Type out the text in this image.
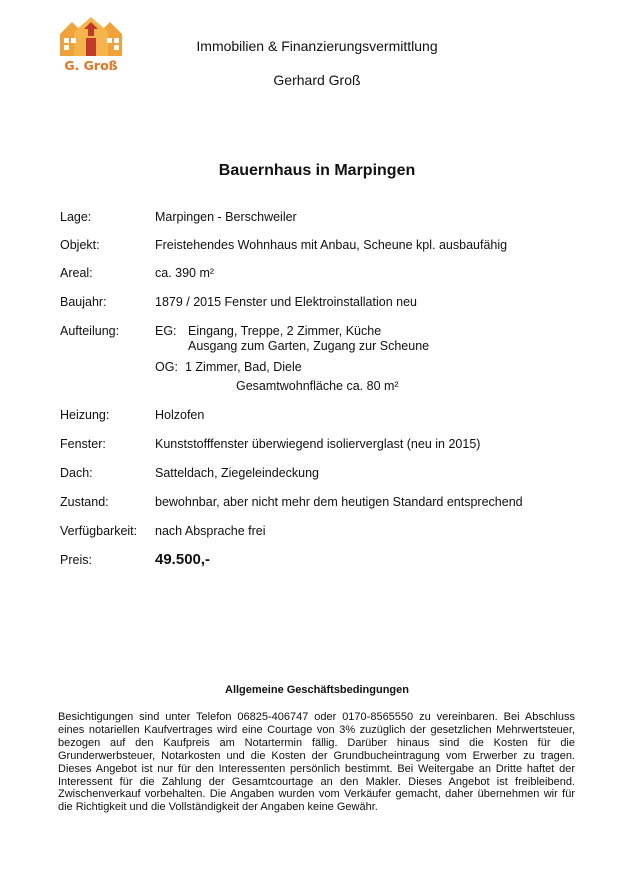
G. Groß
Immobilien & Finanzierungsvermittlung
Gerhard Groß
Bauernhaus in Marpingen
Lage:	Marpingen - Berschweiler
Objekt:	Freistehendes Wohnhaus mit Anbau, Scheune kpl. ausbaufähig
Areal:	ca. 390 m²
Baujahr:	1879 / 2015 Fenster und Elektroinstallation neu
Aufteilung:	EG: Eingang, Treppe, 2 Zimmer, Küche
Ausgang zum Garten, Zugang zur Scheune
OG: 1 Zimmer, Bad, Diele
Gesamtwohnfläche ca. 80 m²
Heizung:	Holzofen
Fenster:	Kunststofffenster überwiegend isolierverglast (neu in 2015)
Dach:	Satteldach, Ziegeleindeckung
Zustand:	bewohnbar, aber nicht mehr dem heutigen Standard entsprechend
Verfügbarkeit: nach Absprache frei
Preis:	49.500,-
Allgemeine Geschäftsbedingungen
Besichtigungen sind unter Telefon 06825-406747 oder 0170-8565550 zu vereinbaren. Bei Abschluss eines notariellen Kaufvertrages wird eine Courtage von 3% zuzüglich der gesetzlichen Mehrwertsteuer, bezogen auf den Kaufpreis am Notartermin fällig. Darüber hinaus sind die Kosten für die Grunderwerbsteuer, Notarkosten und die Kosten der Grundbucheintragung vom Erwerber zu tragen. Dieses Angebot ist nur für den Interessenten persönlich bestimmt. Bei Weitergabe an Dritte haftet der Interessent für die Zahlung der Gesamtcourtage an den Makler. Dieses Angebot ist freibleibend. Zwischenverkauf vorbehalten. Die Angaben wurden vom Verkäufer gemacht, daher übernehmen wir für die Richtigkeit und die Vollständigkeit der Angaben keine Gewähr.
